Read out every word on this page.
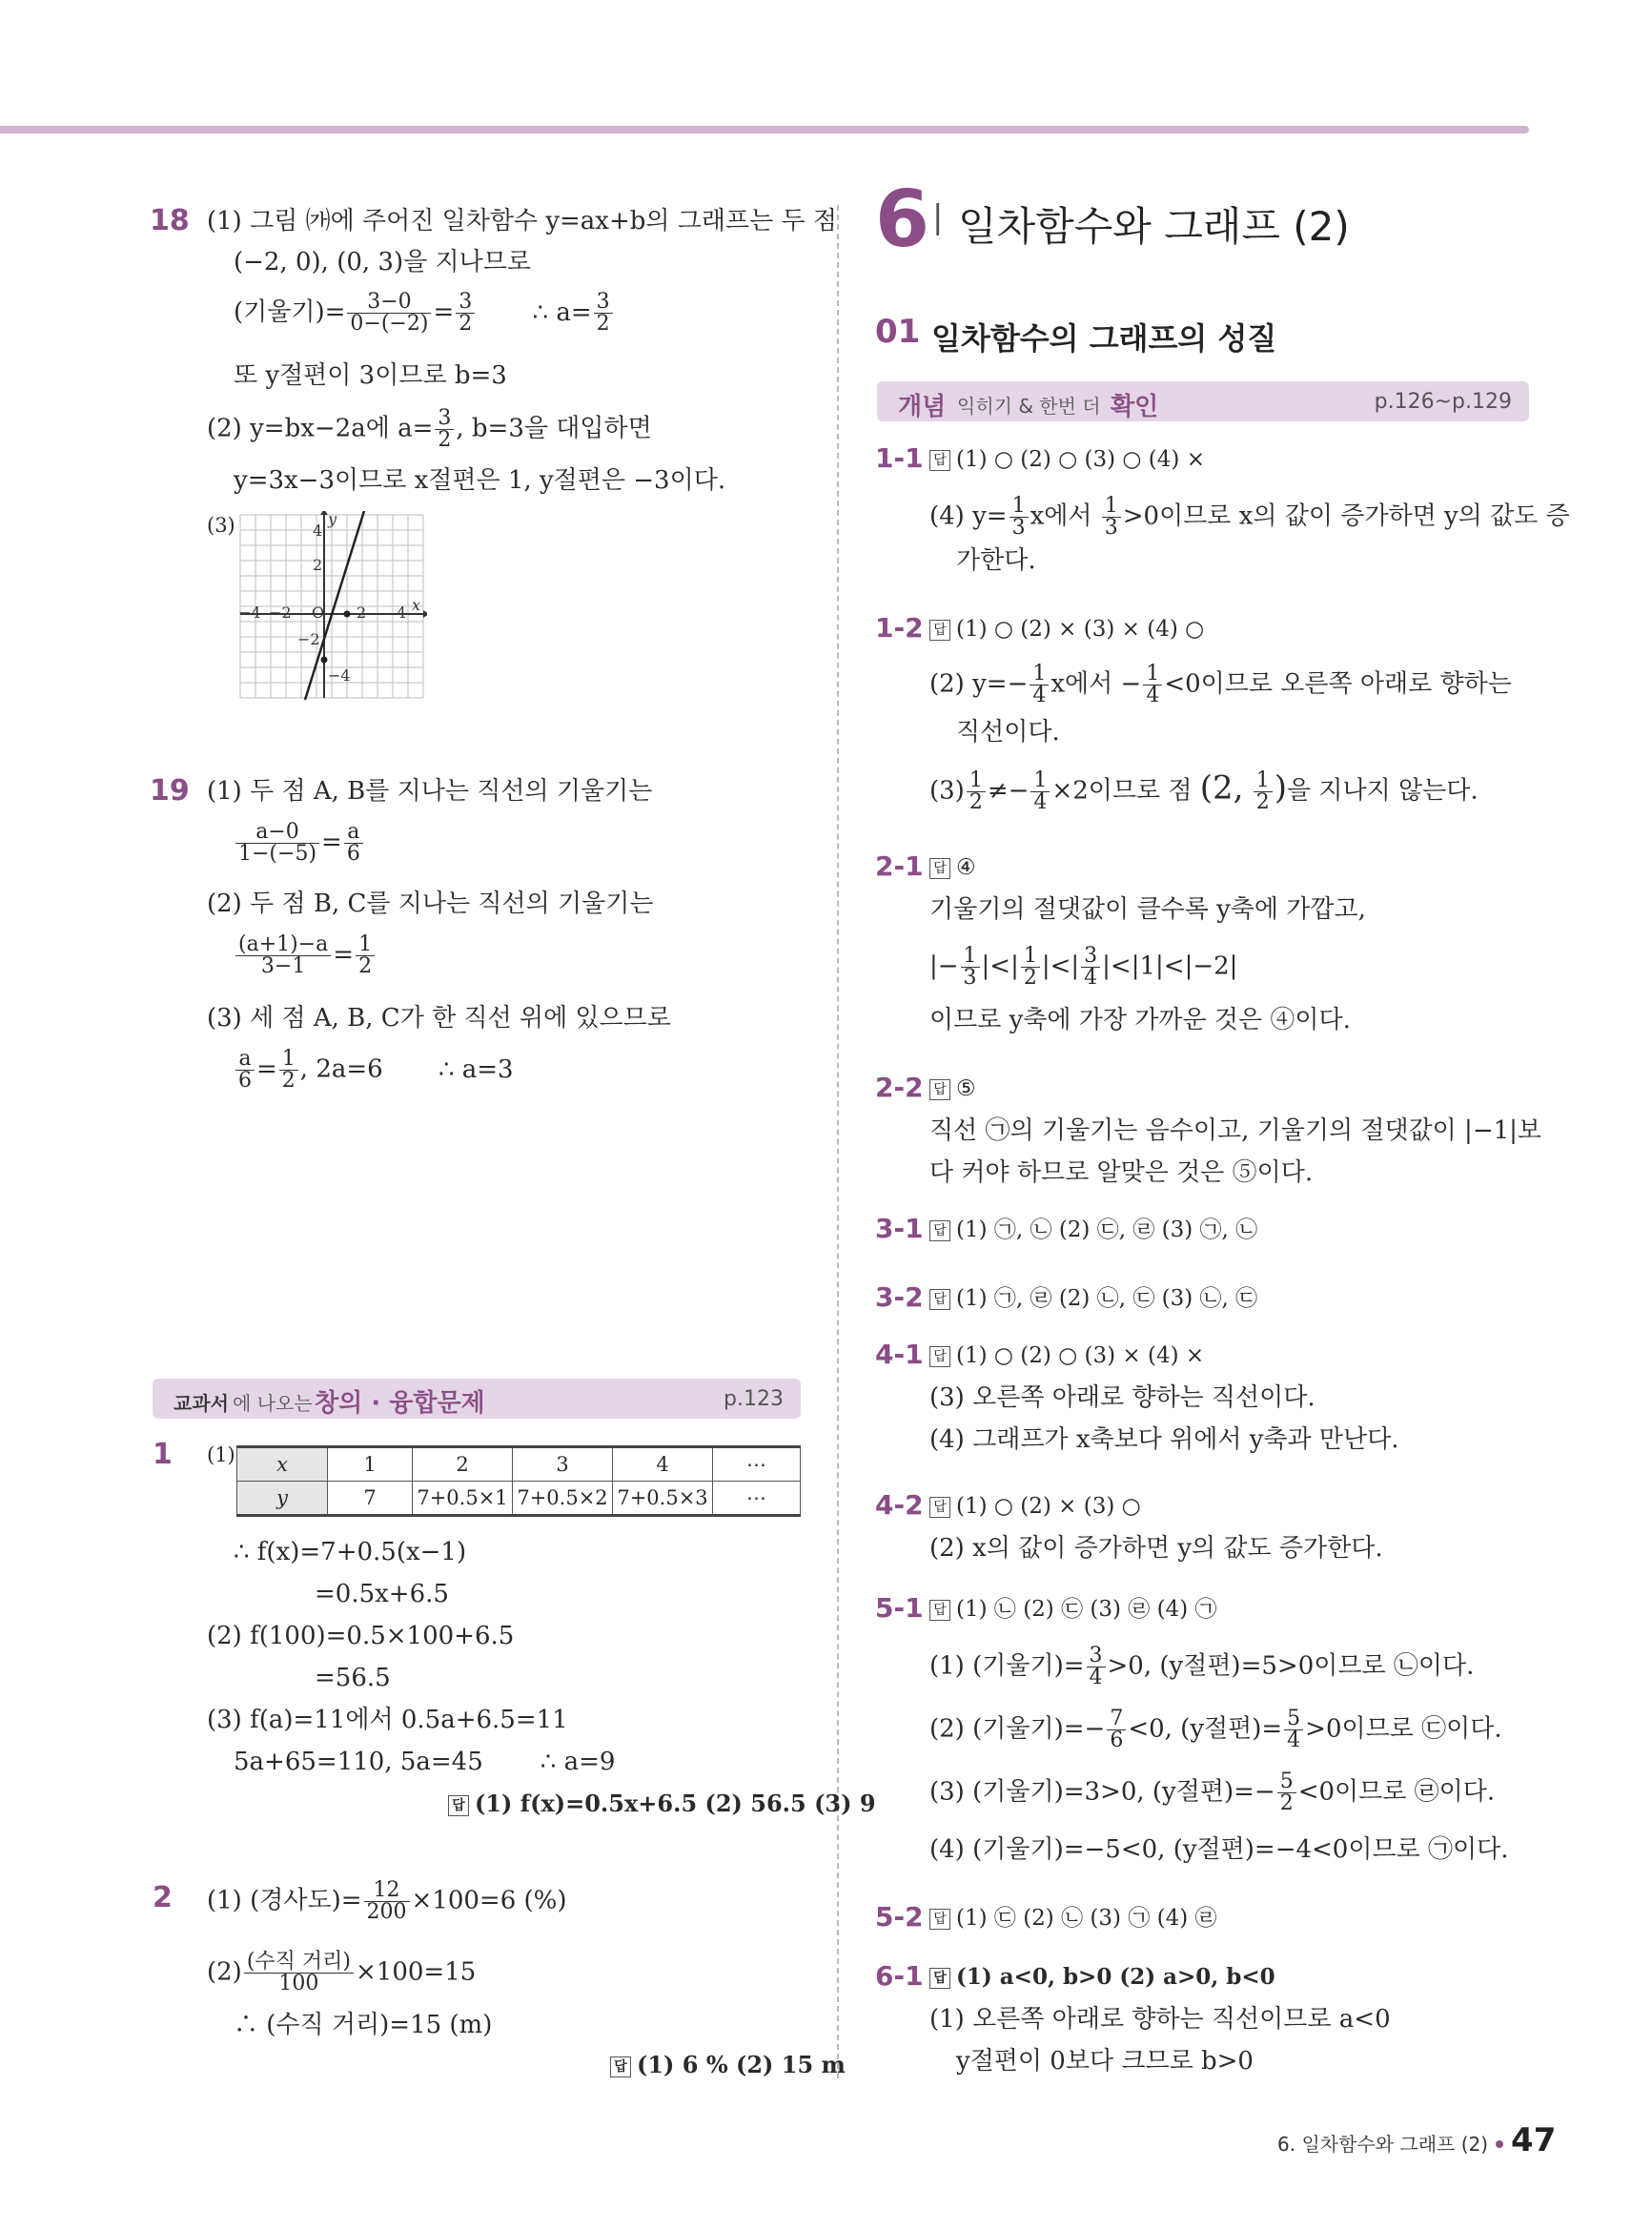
18 (1) 그림 ㈎에 주어진 일차함수 y=ax+b의 그래프는 두 점
(−2, 0), (0, 3)을 지나므로
(기울기)= $\frac{3-0}{0-(-2)} = \frac{3}{2}$ ∴ $a= \frac{3}{2}$
또 y절편이 3이므로 b=3
(2) y=bx−2a에 $a= \frac{3}{2}$ , b=3을 대입하면
y=3x−3이므로 x절편은 1, y절편은 −3이다.
(3)	y
4
2
−4 −2 O 2 4 x
−2
−4
19 (1) 두 점 A, B를 지나는 직선의 기울기는
$\frac{a-0}{1-(-5)} = \frac{a}{6}$
(2) 두 점 B, C를 지나는 직선의 기울기는
$\frac{(a+1)-a}{3-1} = \frac{1}{2}$
(3) 세 점 A, B, C가 한 직선 위에 있으므로
$\frac{a}{6} = \frac{1}{2}$ , 2a=6 ∴ a=3
교과서 에 나오는 창의 · 융합문제	p.123
1 (1) x	1	2	3	4	⋯
y	7	7+0.5×1	7+0.5×2	7+0.5×3	⋯
∴ f(x)=7+0.5(x−1)
=0.5x+6.5
(2) f(100)=0.5×100+6.5
=56.5
(3) f(a)=11에서 0.5a+6.5=11
5a+65=110, 5a=45 ∴ a=9
답 (1) f(x)=0.5x+6.5 (2) 56.5 (3) 9
2 (1) (경사도)= $\frac{12}{200} \times 100=6$ (%)
$(2) \frac{\text{(수직 거리)}}{100} \times 100=15$
∴ (수직 거리)=15 (m)
답 (1) 6 % (2) 15 m
6 | 일차함수와 그래프 (2)
01 일차함수의 그래프의 성질
개념 익히기 & 한번 더 확인	p.126~p.129
1-1 답 (1) ○ (2) ○ (3) ○ (4) ×
(4) $y= \frac{1}{3}$ x에서 $\frac{1}{3} >0$이므로 x의 값이 증가하면 y의 값도 증
가한다.
1-2 답 (1) ○ (2) × (3) × (4) ○
(2) $y=- \frac{1}{4}$ x에서 − $\frac{1}{4} <0$이므로 오른쪽 아래로 향하는
직선이다.
$(3) \frac{1}{2} \ne- \frac{1}{4} \times 2$이므로 점 (2, $\frac{1}{2}$ )을 지나지 않는다.
2-1 답 ④
기울기의 절댓값이 클수록 y축에 가깝고,
|− $\frac{1}{3}$ |<| $\frac{1}{2}$ |<| $\frac{3}{4} |<|1|<|-2|$
이므로 y축에 가장 가까운 것은 ④이다.
2-2 답 ⑤
직선 ㉠의 기울기는 음수이고, 기울기의 절댓값이 |−1|보
다 커야 하므로 알맞은 것은 ⑤이다.
3-1 답 (1) ㉠, ㉡ (2) ㉢, ㉣ (3) ㉠, ㉡
3-2 답 (1) ㉠, ㉣ (2) ㉡, ㉢ (3) ㉡, ㉢
4-1 답 (1) ○ (2) ○ (3) × (4) ×
(3) 오른쪽 아래로 향하는 직선이다.
(4) 그래프가 x축보다 위에서 y축과 만난다.
4-2 답 (1) ○ (2) × (3) ○
(2) x의 값이 증가하면 y의 값도 증가한다.
5-1 답 (1) ㉡ (2) ㉢ (3) ㉣ (4) ㉠
(1) (기울기)= $\frac{3}{4} >0$, (y절편)=5>0이므로 ㉡이다.
(2) (기울기)=− $\frac{7}{6} <0$, (y절편)= $\frac{5}{4} >0$이므로 ㉢이다.
(3) (기울기)=3>0, (y절편)=− $\frac{5}{2} <0$이므로 ㉣이다.
(4) (기울기)=−5<0, (y절편)=−4<0이므로 ㉠이다.
5-2 답 (1) ㉢ (2) ㉡ (3) ㉠ (4) ㉣
6-1 답 (1) a<0, b>0 (2) a>0, b<0
(1) 오른쪽 아래로 향하는 직선이므로 a<0
y절편이 0보다 크므로 b>0
6. 일차함수와 그래프 (2) 47
